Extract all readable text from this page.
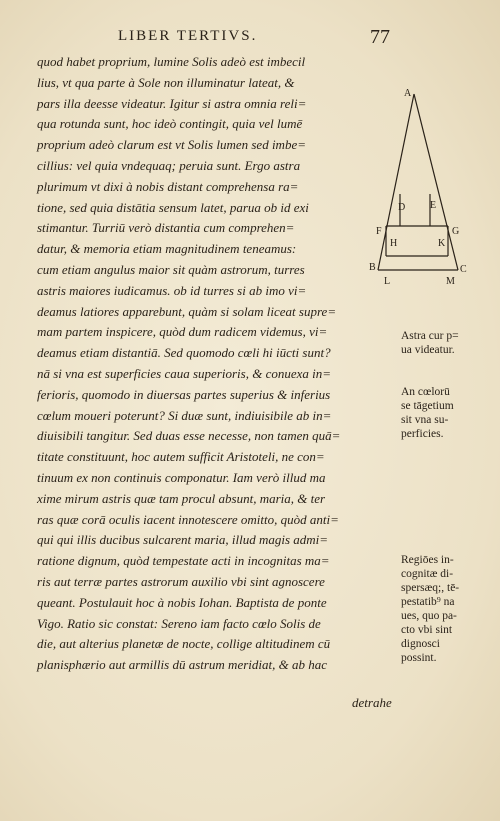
LIBER TERTIVS.	77
quod habet proprium, lumine Solis adeò est imbecil
lius, vt qua parte à Sole non illuminatur lateat, &
pars illa deesse videatur. Igitur si astra omnia reli=
qua rotunda sunt, hoc ideò contingit, quia vel lumē
proprium adeò clarum est vt Solis lumen sed imbe=
cillius: vel quia vndequaq; peruia sunt. Ergo astra
plurimum vt dixi à nobis distant comprehensa ra=
tione, sed quia distātia sensum latet, parua ob id exi
stimantur. Turriū verò distantia cum comprehen=
datur, & memoria etiam magnitudinem teneamus:
cum etiam angulus maior sit quàm astrorum, turres
astris maiores iudicamus. ob id turres si ab imo vi=
deamus latiores apparebunt, quàm si solam liceat supre=
mam partem inspicere, quòd dum radicem videmus, vi=
deamus etiam distantiā. Sed quomodo cœli hi iūcti sunt?
nā si vna est superficies caua superioris, & conuexa in=
ferioris, quomodo in diuersas partes superius & inferius
cœlum moueri poterunt? Si duæ sunt, indiuisibile ab in=
diuisibili tangitur. Sed duas esse necesse, non tamen quā=
titate constituunt, hoc autem sufficit Aristoteli, ne con=
tinuum ex non continuis componatur. Iam verò illud ma
xime mirum astris quæ tam procul absunt, maria, & ter
ras quæ corā oculis iacent innotescere omitto, quòd anti=
qui qui illis ducibus sulcarent maria, illud magis admi=
ratione dignum, quòd tempestate acti in incognitas ma=
ris aut terræ partes astrorum auxilio vbi sint agnoscere
queant. Postulauit hoc à nobis Iohan. Baptista de ponte
Vigo. Ratio sic constat: Sereno iam facto cœlo Solis de
die, aut alterius planetæ de nocte, collige altitudinem cū
planisphærio aut armillis dū astrum meridiat, & ab hac
detrahe
Astra cur p=
ua videatur.
An cœlorū
se tāgetium
sit vna su-
perficies.
Regiōes in-
cognitæ di-
spersæq;, tē-
pestatib⁹ na
ues, quo pa-
cto vbi sint
dignosci
possint.
A
D E
F
H	K
G
B	C
L	M
